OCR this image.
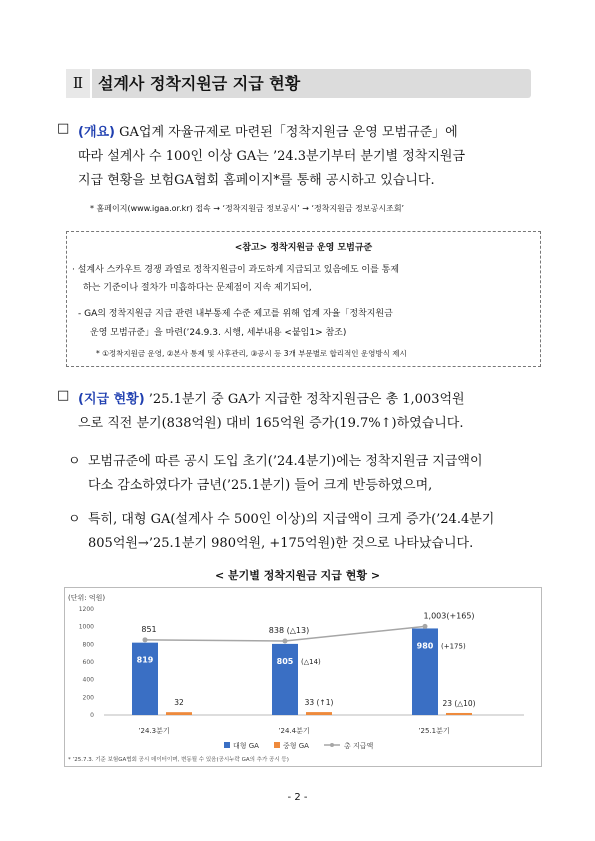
Ⅱ 설계사 정착지원금 지급 현황
□ (개요) GA업계 자율규제로 마련된「정착지원금 운영 모범규준」에
따라 설계사 수 100인 이상 GA는 ’24.3분기부터 분기별 정착지원금
지급 현황을 보험GA협회 홈페이지*를 통해 공시하고 있습니다.
* 홈페이지(www.igaa.or.kr) 접속 → ‘정착지원금 정보공시’ → ‘정착지원금 정보공시조회’
<참고> 정착지원금 운영 모범규준
· 설계사 스카우트 경쟁 과열로 정착지원금이 과도하게 지급되고 있음에도 이를 통제
하는 기준이나 절차가 미흡하다는 문제점이 지속 제기되어,
- GA의 정착지원금 지급 관련 내부통제 수준 제고를 위해 업계 자율「정착지원금
운영 모범규준」을 마련(’24.9.3. 시행, 세부내용 <붙임1> 참조)
* ①정착지원금 운영, ②본사 통제 및 사후관리, ③공시 등 3개 부문별로 합리적인 운영방식 제시
□ (지급 현황) ’25.1분기 중 GA가 지급한 정착지원금은 총 1,003억원
으로 직전 분기(838억원) 대비 165억원 증가(19.7%↑)하였습니다.
ㅇ 모범규준에 따른 공시 도입 초기(’24.4분기)에는 정착지원금 지급액이
다소 감소하였다가 금년(’25.1분기) 들어 크게 반등하였으며,
ㅇ 특히, 대형 GA(설계사 수 500인 이상)의 지급액이 크게 증가(’24.4분기
805억원→’25.1분기 980억원, +175억원)한 것으로 나타났습니다.
< 분기별 정착지원금 지급 현황 >
(단위: 억원)
0
200
400
600
800
1000
1200
819
32
’24.3분기
805 (△14)
33 (↑1)
’24.4분기
980 (+175)
23 (△10)
’25.1분기
851	838 (△13)
1,003(+165)
대형 GA	중형 GA	총 지급액
* ’25.7.3. 기준 보험GA협회 공시 데이터이며, 변동될 수 있음(공시누락 GA의 추가 공시 등)
- 2 -
